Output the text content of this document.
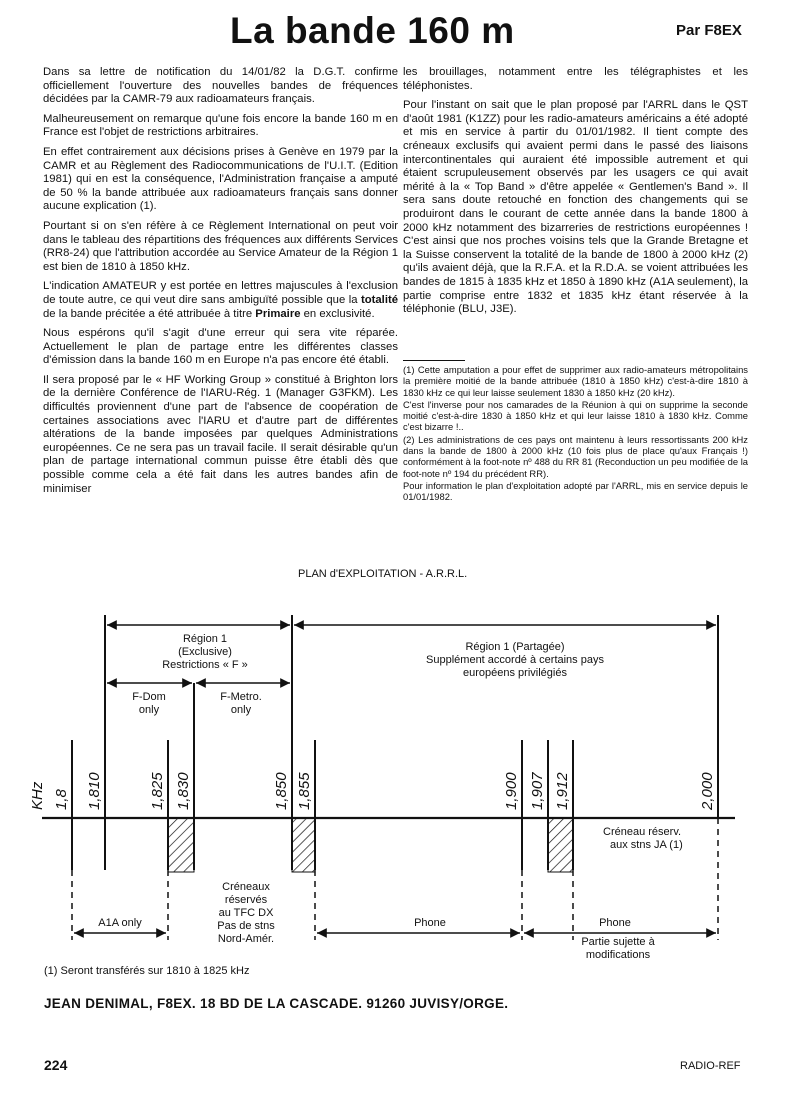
La bande 160 m	Par F8EX

Dans sa lettre de notification du 14/01/82 la D.G.T. confirme officiellement l'ouverture des nouvelles bandes de fréquences décidées par la CAMR-79 aux radioamateurs français.

Malheureusement on remarque qu'une fois encore la bande 160 m en France est l'objet de restrictions arbitraires.

En effet contrairement aux décisions prises à Genève en 1979 par la CAMR et au Règlement des Radiocommunications de l'U.I.T. (Edition 1981) qui en est la conséquence, l'Administration française a amputé de 50 % la bande attribuée aux radioamateurs français sans donner aucune explication (1).

Pourtant si on s'en réfère à ce Règlement International on peut voir dans le tableau des répartitions des fréquences aux différents Services (RR8-24) que l'attribution accordée au Service Amateur de la Région 1 est bien de 1810 à 1850 kHz.

L'indication AMATEUR y est portée en lettres majuscules à l'exclusion de toute autre, ce qui veut dire sans ambiguïté possible que la totalité de la bande précitée a été attribuée à titre Primaire en exclusivité.

Nous espérons qu'il s'agit d'une erreur qui sera vite réparée. Actuellement le plan de partage entre les différentes classes d'émission dans la bande 160 m en Europe n'a pas encore été établi.

Il sera proposé par le « HF Working Group » constitué à Brighton lors de la dernière Conférence de l'IARU-Rég. 1 (Manager G3FKM). Les difficultés proviennent d'une part de l'absence de coopération de certaines associations avec l'IARU et d'autre part de différentes altérations de la bande imposées par quelques Administrations européennes. Ce ne sera pas un travail facile. Il serait désirable qu'un plan de partage international commun puisse être établi dès que possible comme cela a été fait dans les autres bandes afin de minimiser

les brouillages, notamment entre les télégraphistes et les téléphonistes.

Pour l'instant on sait que le plan proposé par l'ARRL dans le QST d'août 1981 (K1ZZ) pour les radio-amateurs américains a été adopté et mis en service à partir du 01/01/1982. Il tient compte des créneaux exclusifs qui avaient permi dans le passé des liaisons intercontinentales qui auraient été impossible autrement et qui étaient scrupuleusement observés par les usagers ce qui avait mérité à la « Top Band » d'être appelée « Gentlemen's Band ». Il sera sans doute retouché en fonction des changements qui se produiront dans le courant de cette année dans la bande 1800 à 2000 kHz notamment des bizarreries de restrictions européennes ! C'est ainsi que nos proches voisins tels que la Grande Bretagne et la Suisse conservent la totalité de la bande de 1800 à 2000 kHz (2) qu'ils avaient déjà, que la R.F.A. et la R.D.A. se voient attribuées les bandes de 1815 à 1835 kHz et 1850 à 1890 kHz (A1A seulement), la partie comprise entre 1832 et 1835 kHz étant réservée à la téléphonie (BLU, J3E).

(1) Cette amputation a pour effet de supprimer aux radio-amateurs métropolitains la première moitié de la bande attribuée (1810 à 1850 kHz) c'est-à-dire 1810 à 1830 kHz ce qui leur laisse seulement 1830 à 1850 kHz (20 kHz).

C'est l'inverse pour nos camarades de la Réunion à qui on supprime la seconde moitié c'est-à-dire 1830 à 1850 kHz et qui leur laisse 1810 à 1830 kHz. Comme c'est bizarre !..

(2) Les administrations de ces pays ont maintenu à leurs ressortissants 200 kHz dans la bande de 1800 à 2000 kHz (10 fois plus de place qu'aux Français !) conformément à la foot-note nº 488 du RR 81 (Reconduction un peu modifiée de la foot-note nº 194 du précédent RR).

Pour information le plan d'exploitation adopté par l'ARRL, mis en service depuis le 01/01/1982.

PLAN d'EXPLOITATION - A.R.R.L.
Région 1
(Exclusive)
Restrictions « F »
Région 1 (Partagée)
Supplément accordé à certains pays
européens privilégiés
F-Dom
only
F-Metro.
only
1,8 1,810	1,825 1,830	1,850 1,855	1,900 1,907 1,912	2,000
KHz
Créneau réserv.
aux stns JA (1)
Créneaux
réservés
au TFC DX
Pas de stns
Nord-Amér.
A1A only	Phone	Phone
Partie sujette à
modifications
(1) Seront transférés sur 1810 à 1825 kHz
JEAN DENIMAL, F8EX. 18 BD DE LA CASCADE. 91260 JUVISY/ORGE.
224	RADIO-REF
